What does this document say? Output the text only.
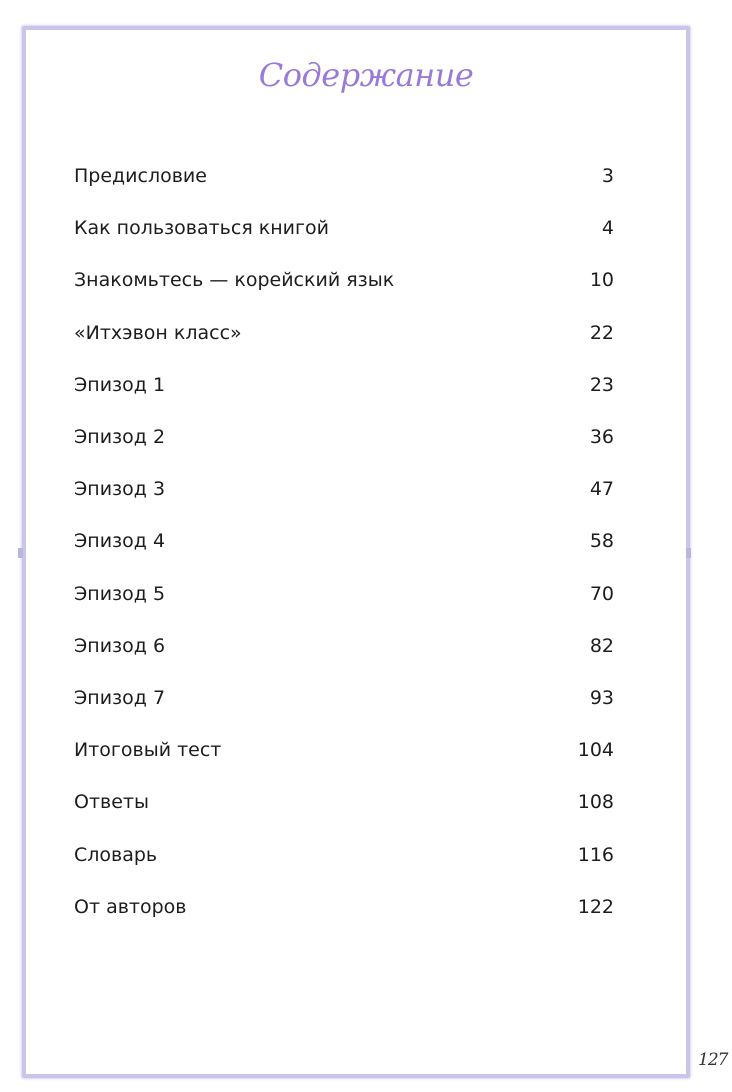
Содержание
Предисловие	3
Как пользоваться книгой	4
Знакомьтесь — корейский язык	10
«Итхэвон класс»	22
Эпизод 1	23
Эпизод 2	36
Эпизод 3	47
Эпизод 4	58
Эпизод 5	70
Эпизод 6	82
Эпизод 7	93
Итоговый тест	104
Ответы	108
Словарь	116
От авторов	122
127
